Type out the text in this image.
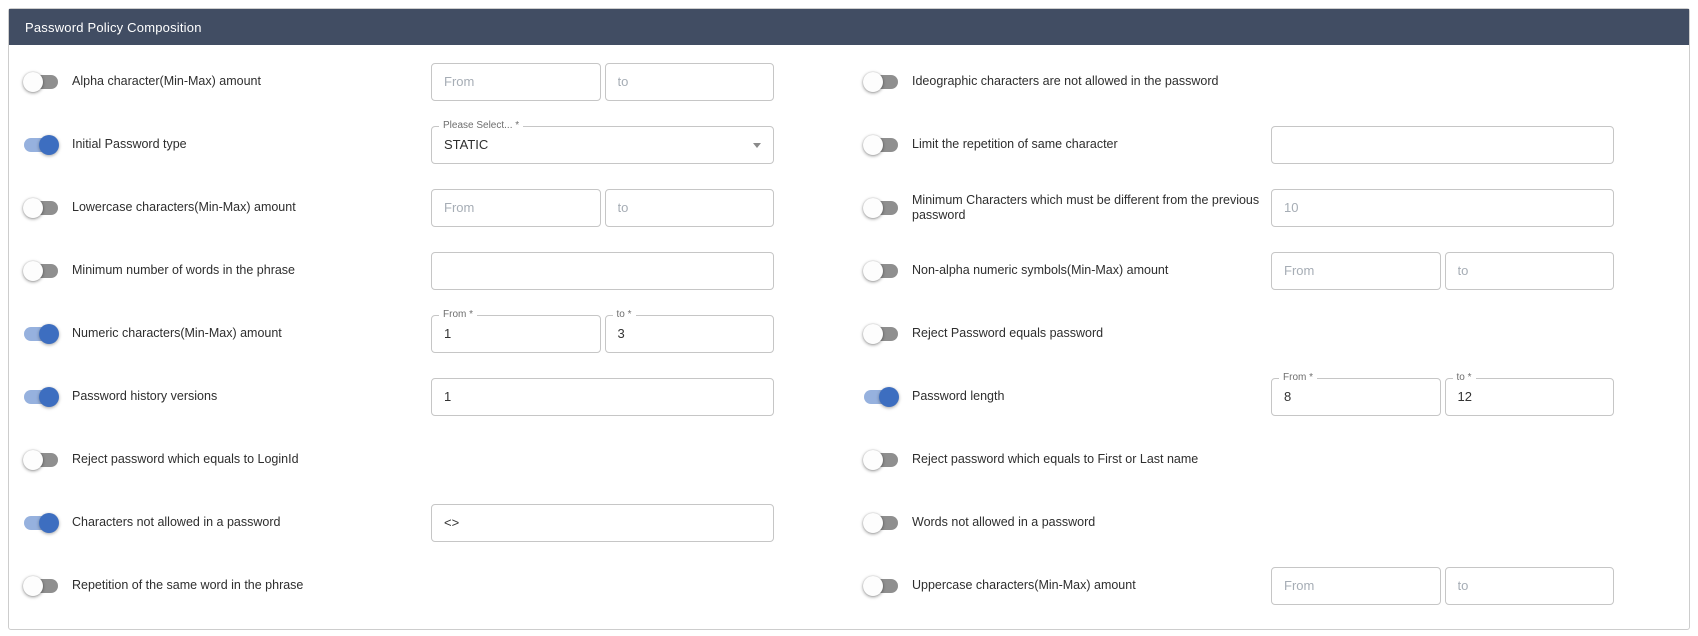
Password Policy Composition
Alpha character(Min-Max) amount
From
to
Initial Password type
Please Select... *
STATIC
Lowercase characters(Min-Max) amount
From
to
Minimum number of words in the phrase
Numeric characters(Min-Max) amount
From *
1	to *
3
Password history versions
1
Reject password which equals to LoginId
Characters not allowed in a password
<>
Repetition of the same word in the phrase
Ideographic characters are not allowed in the password
Limit the repetition of same character
Minimum Characters which must be different from the previous password
10
Non-alpha numeric symbols(Min-Max) amount
From
to
Reject Password equals password
Password length
From *
8	to *
12
Reject password which equals to First or Last name
Words not allowed in a password
Uppercase characters(Min-Max) amount
From
to
